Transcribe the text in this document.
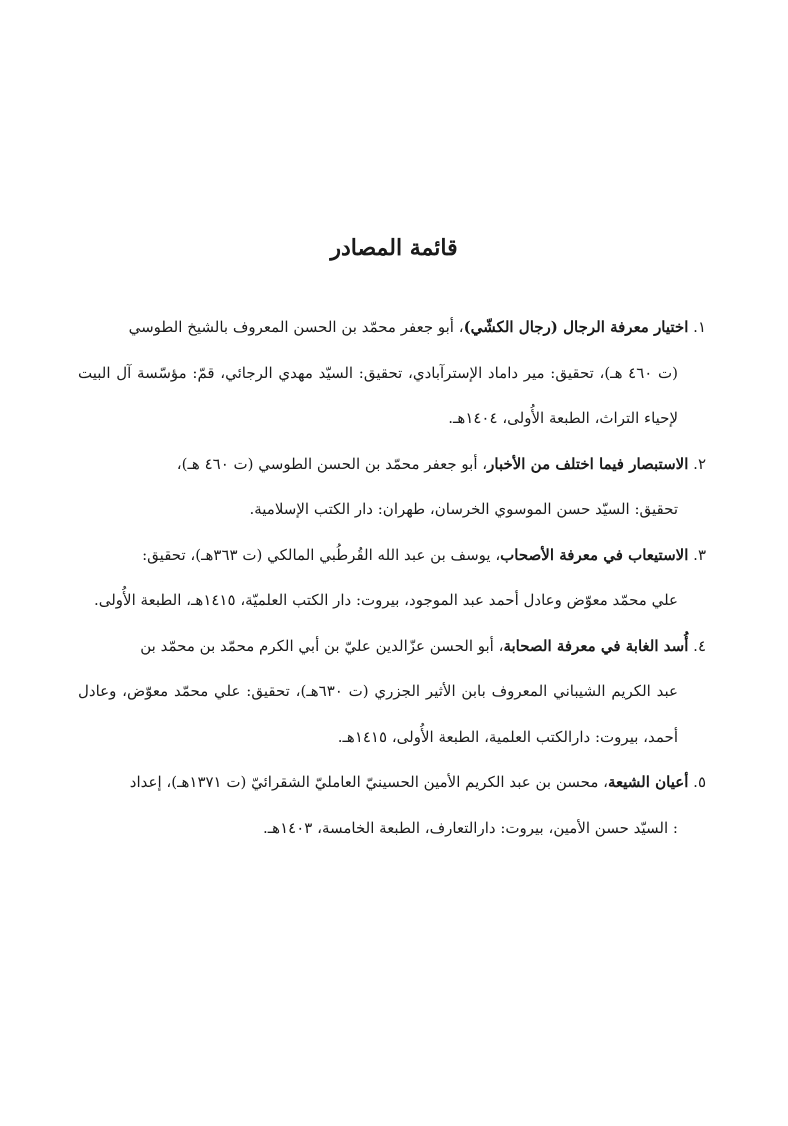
قائمة المصادر
١. اختيار معرفة الرجال (رجال الكشّي)، أبو جعفر محمّد بن الحسن المعروف بالشيخ الطوسي
(ت ٤٦٠ هـ)، تحقيق: مير داماد الإسترآبادي، تحقيق: السيّد مهدي الرجائي، قمّ: مؤسّسة آل البيت لإحياء التراث، الطبعة الأُولى، ١٤٠٤هـ.
٢. الاستبصار فيما اختلف من الأخبار، أبو جعفر محمّد بن الحسن الطوسي (ت ٤٦٠ هـ)،
تحقيق: السيّد حسن الموسوي الخرسان، طهران: دار الكتب الإسلامية.
٣. الاستيعاب في معرفة الأصحاب، يوسف بن عبد الله القُرطُبي المالكي (ت ٣٦٣هـ)، تحقيق:
علي محمّد معوّض وعادل أحمد عبد الموجود، بيروت: دار الكتب العلميّة، ١٤١٥هـ، الطبعة الأُولى.
٤. أُسد الغابة في معرفة الصحابة، أبو الحسن عزّالدين عليّ بن أبي الكرم محمّد بن محمّد بن
عبد الكريم الشيباني المعروف بابن الأثير الجزري (ت ٦٣٠هـ)، تحقيق: علي محمّد معوّض، وعادل أحمد، بيروت: دارالكتب العلمية، الطبعة الأُولى، ١٤١٥هـ.
٥. أعيان الشيعة، محسن بن عبد الكريم الأمين الحسينيّ العامليّ الشقرائيّ (ت ١٣٧١هـ)، إعداد
: السيّد حسن الأمين، بيروت: دارالتعارف، الطبعة الخامسة، ١٤٠٣هـ.
